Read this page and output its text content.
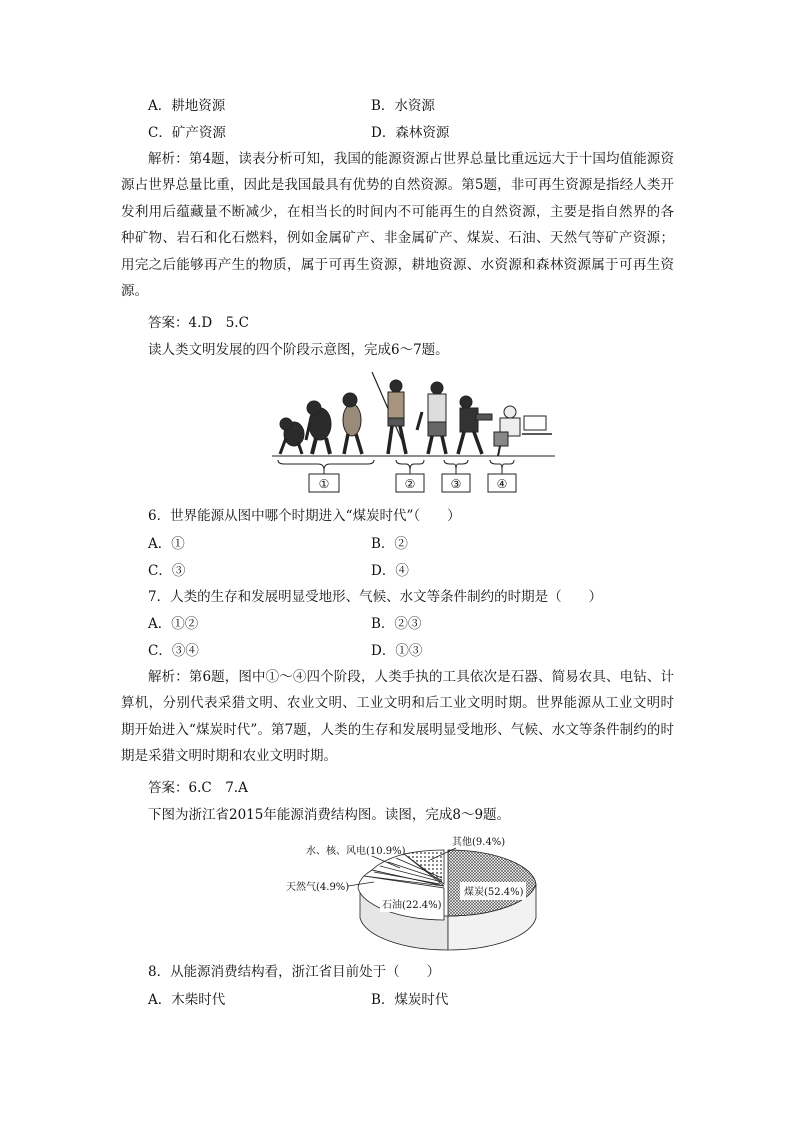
A．耕地资源	B．水资源
C．矿产资源	D．森林资源
解析：第4题，读表分析可知，我国的能源资源占世界总量比重远远大于十国均值能源资源占世界总量比重，因此是我国最具有优势的自然资源。第5题，非可再生资源是指经人类开发利用后蕴藏量不断减少，在相当长的时间内不可能再生的自然资源，主要是指自然界的各种矿物、岩石和化石燃料，例如金属矿产、非金属矿产、煤炭、石油、天然气等矿产资源；用完之后能够再产生的物质，属于可再生资源，耕地资源、水资源和森林资源属于可再生资源。
答案：4.D　5.C
读人类文明发展的四个阶段示意图，完成6～7题。
①	②	③	④
6．世界能源从图中哪个时期进入“煤炭时代”（　　）
A．①	B．②
C．③	D．④
7．人类的生存和发展明显受地形、气候、水文等条件制约的时期是（　　）
A．①②	B．②③
C．③④	D．①③
解析：第6题，图中①～④四个阶段，人类手执的工具依次是石器、简易农具、电钻、计算机，分别代表采猎文明、农业文明、工业文明和后工业文明时期。世界能源从工业文明时期开始进入“煤炭时代”。第7题，人类的生存和发展明显受地形、气候、水文等条件制约的时期是采猎文明时期和农业文明时期。
答案：6.C　7.A
下图为浙江省2015年能源消费结构图。读图，完成8～9题。
煤炭(52.4%)
石油(22.4%)
天然气(4.9%)
水、核、风电(10.9%)
其他(9.4%)
8．从能源消费结构看，浙江省目前处于（　　）
A．木柴时代	B．煤炭时代
